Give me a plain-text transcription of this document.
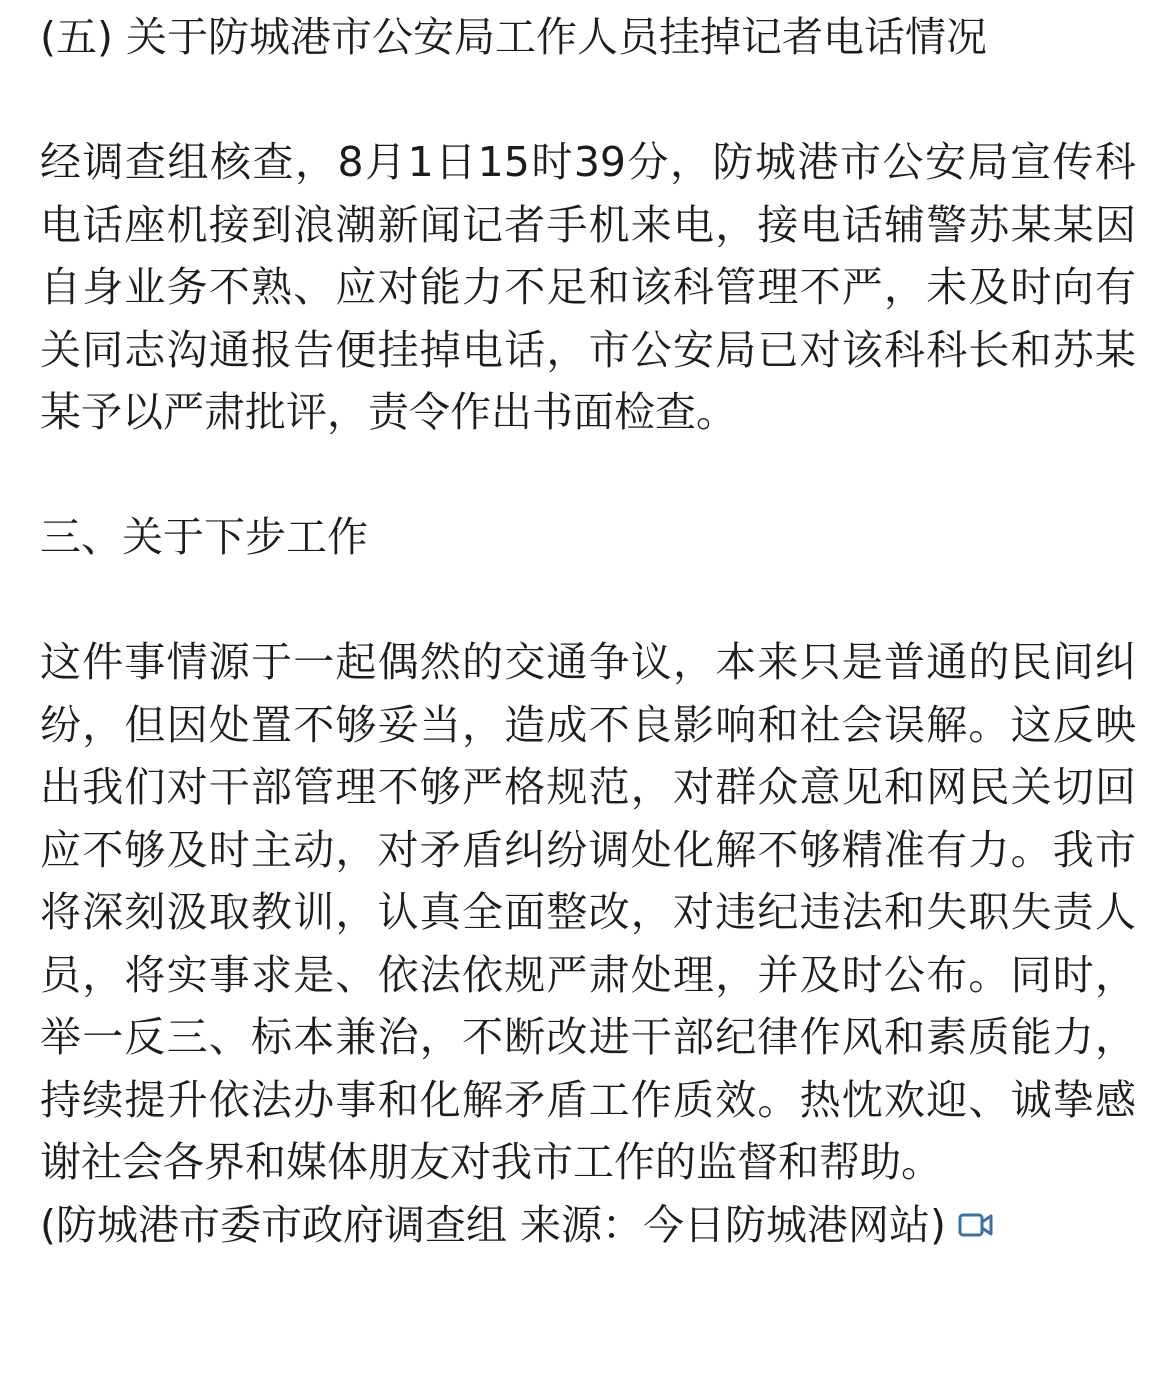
(五) 关于防城港市公安局工作人员挂掉记者电话情况

经调查组核查，8月1日15时39分，防城港市公安局宣传科电话座机接到浪潮新闻记者手机来电，接电话辅警苏某某因自身业务不熟、应对能力不足和该科管理不严，未及时向有关同志沟通报告便挂掉电话，市公安局已对该科科长和苏某某予以严肃批评，责令作出书面检查。

三、关于下步工作

这件事情源于一起偶然的交通争议，本来只是普通的民间纠纷，但因处置不够妥当，造成不良影响和社会误解。这反映出我们对干部管理不够严格规范，对群众意见和网民关切回应不够及时主动，对矛盾纠纷调处化解不够精准有力。我市将深刻汲取教训，认真全面整改，对违纪违法和失职失责人员，将实事求是、依法依规严肃处理，并及时公布。同时，举一反三、标本兼治，不断改进干部纪律作风和素质能力，持续提升依法办事和化解矛盾工作质效。热忱欢迎、诚挚感谢社会各界和媒体朋友对我市工作的监督和帮助。

(防城港市委市政府调查组 来源：今日防城港网站)
